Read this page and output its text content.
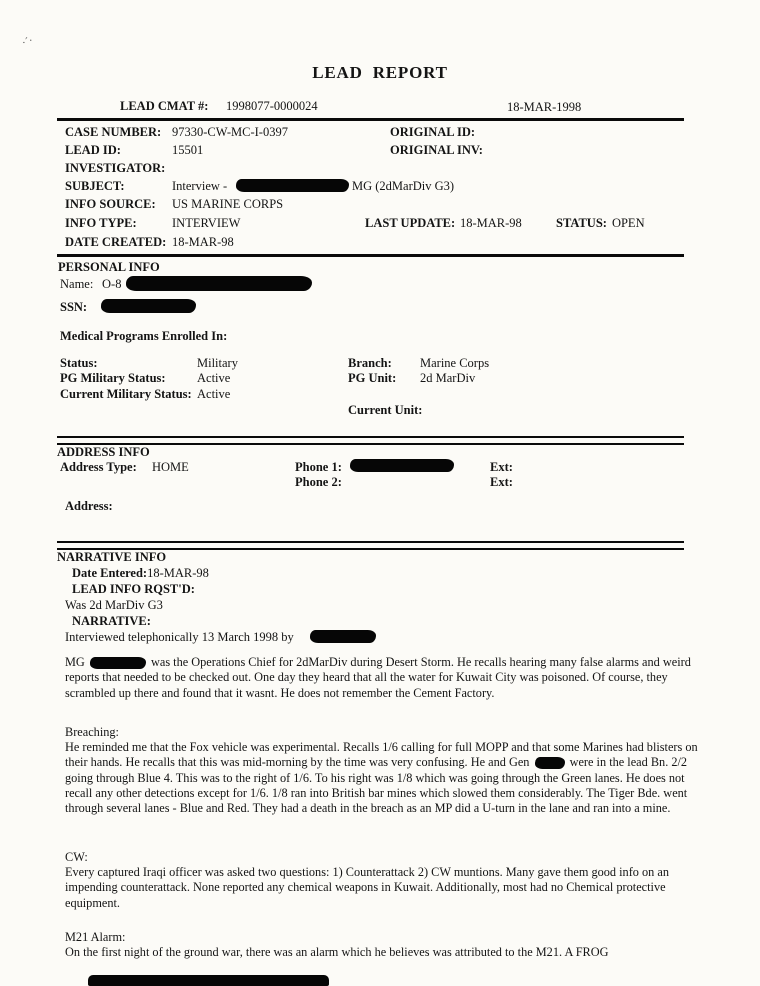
·´·
LEAD REPORT
LEAD CMAT #: 1998077-0000024	18-MAR-1998
CASE NUMBER: 97330-CW-MC-I-0397	ORIGINAL ID:
LEAD ID:	15501	ORIGINAL INV:
INVESTIGATOR:
SUBJECT:	Interview -	MG (2dMarDiv G3)
INFO SOURCE: US MARINE CORPS
INFO TYPE:	INTERVIEW	LAST UPDATE: 18-MAR-98	STATUS: OPEN
DATE CREATED: 18-MAR-98
PERSONAL INFO
Name: O-8
SSN:
Medical Programs Enrolled In:
Status:	Military	Branch: Marine Corps
PG Military Status:	Active	PG Unit: 2d MarDiv
Current Military Status: Active
Current Unit:
ADDRESS INFO
Address Type: HOME	Phone 1:	Ext:
Phone 2:	Ext:
Address:
NARRATIVE INFO
Date Entered:18-MAR-98
LEAD INFO RQST'D:
Was 2d MarDiv G3
NARRATIVE:
Interviewed telephonically 13 March 1998 by
MG	was the Operations Chief for 2dMarDiv during Desert Storm. He recalls hearing many false alarms and weird reports that needed to be checked out. One day they heard that all the water for Kuwait City was poisoned. Of course, they scrambled up there and found that it wasnt. He does not remember the Cement Factory.
Breaching:
He reminded me that the Fox vehicle was experimental. Recalls 1/6 calling for full MOPP and that some Marines had blisters on their hands. He recalls that this was mid-morning by the time was very confusing. He and Gen	were in the lead Bn. 2/2 going through Blue 4. This was to the right of 1/6. To his right was 1/8 which was going through the Green lanes. He does not recall any other detections except for 1/6. 1/8 ran into British bar mines which slowed them considerably. The Tiger Bde. went through several lanes - Blue and Red. They had a death in the breach as an MP did a U-turn in the lane and ran into a mine.
CW:
Every captured Iraqi officer was asked two questions: 1) Counterattack 2) CW muntions. Many gave them good info on an impending counterattack. None reported any chemical weapons in Kuwait. Additionally, most had no Chemical protective equipment.
M21 Alarm:
On the first night of the ground war, there was an alarm which he believes was attributed to the M21. A FROG
